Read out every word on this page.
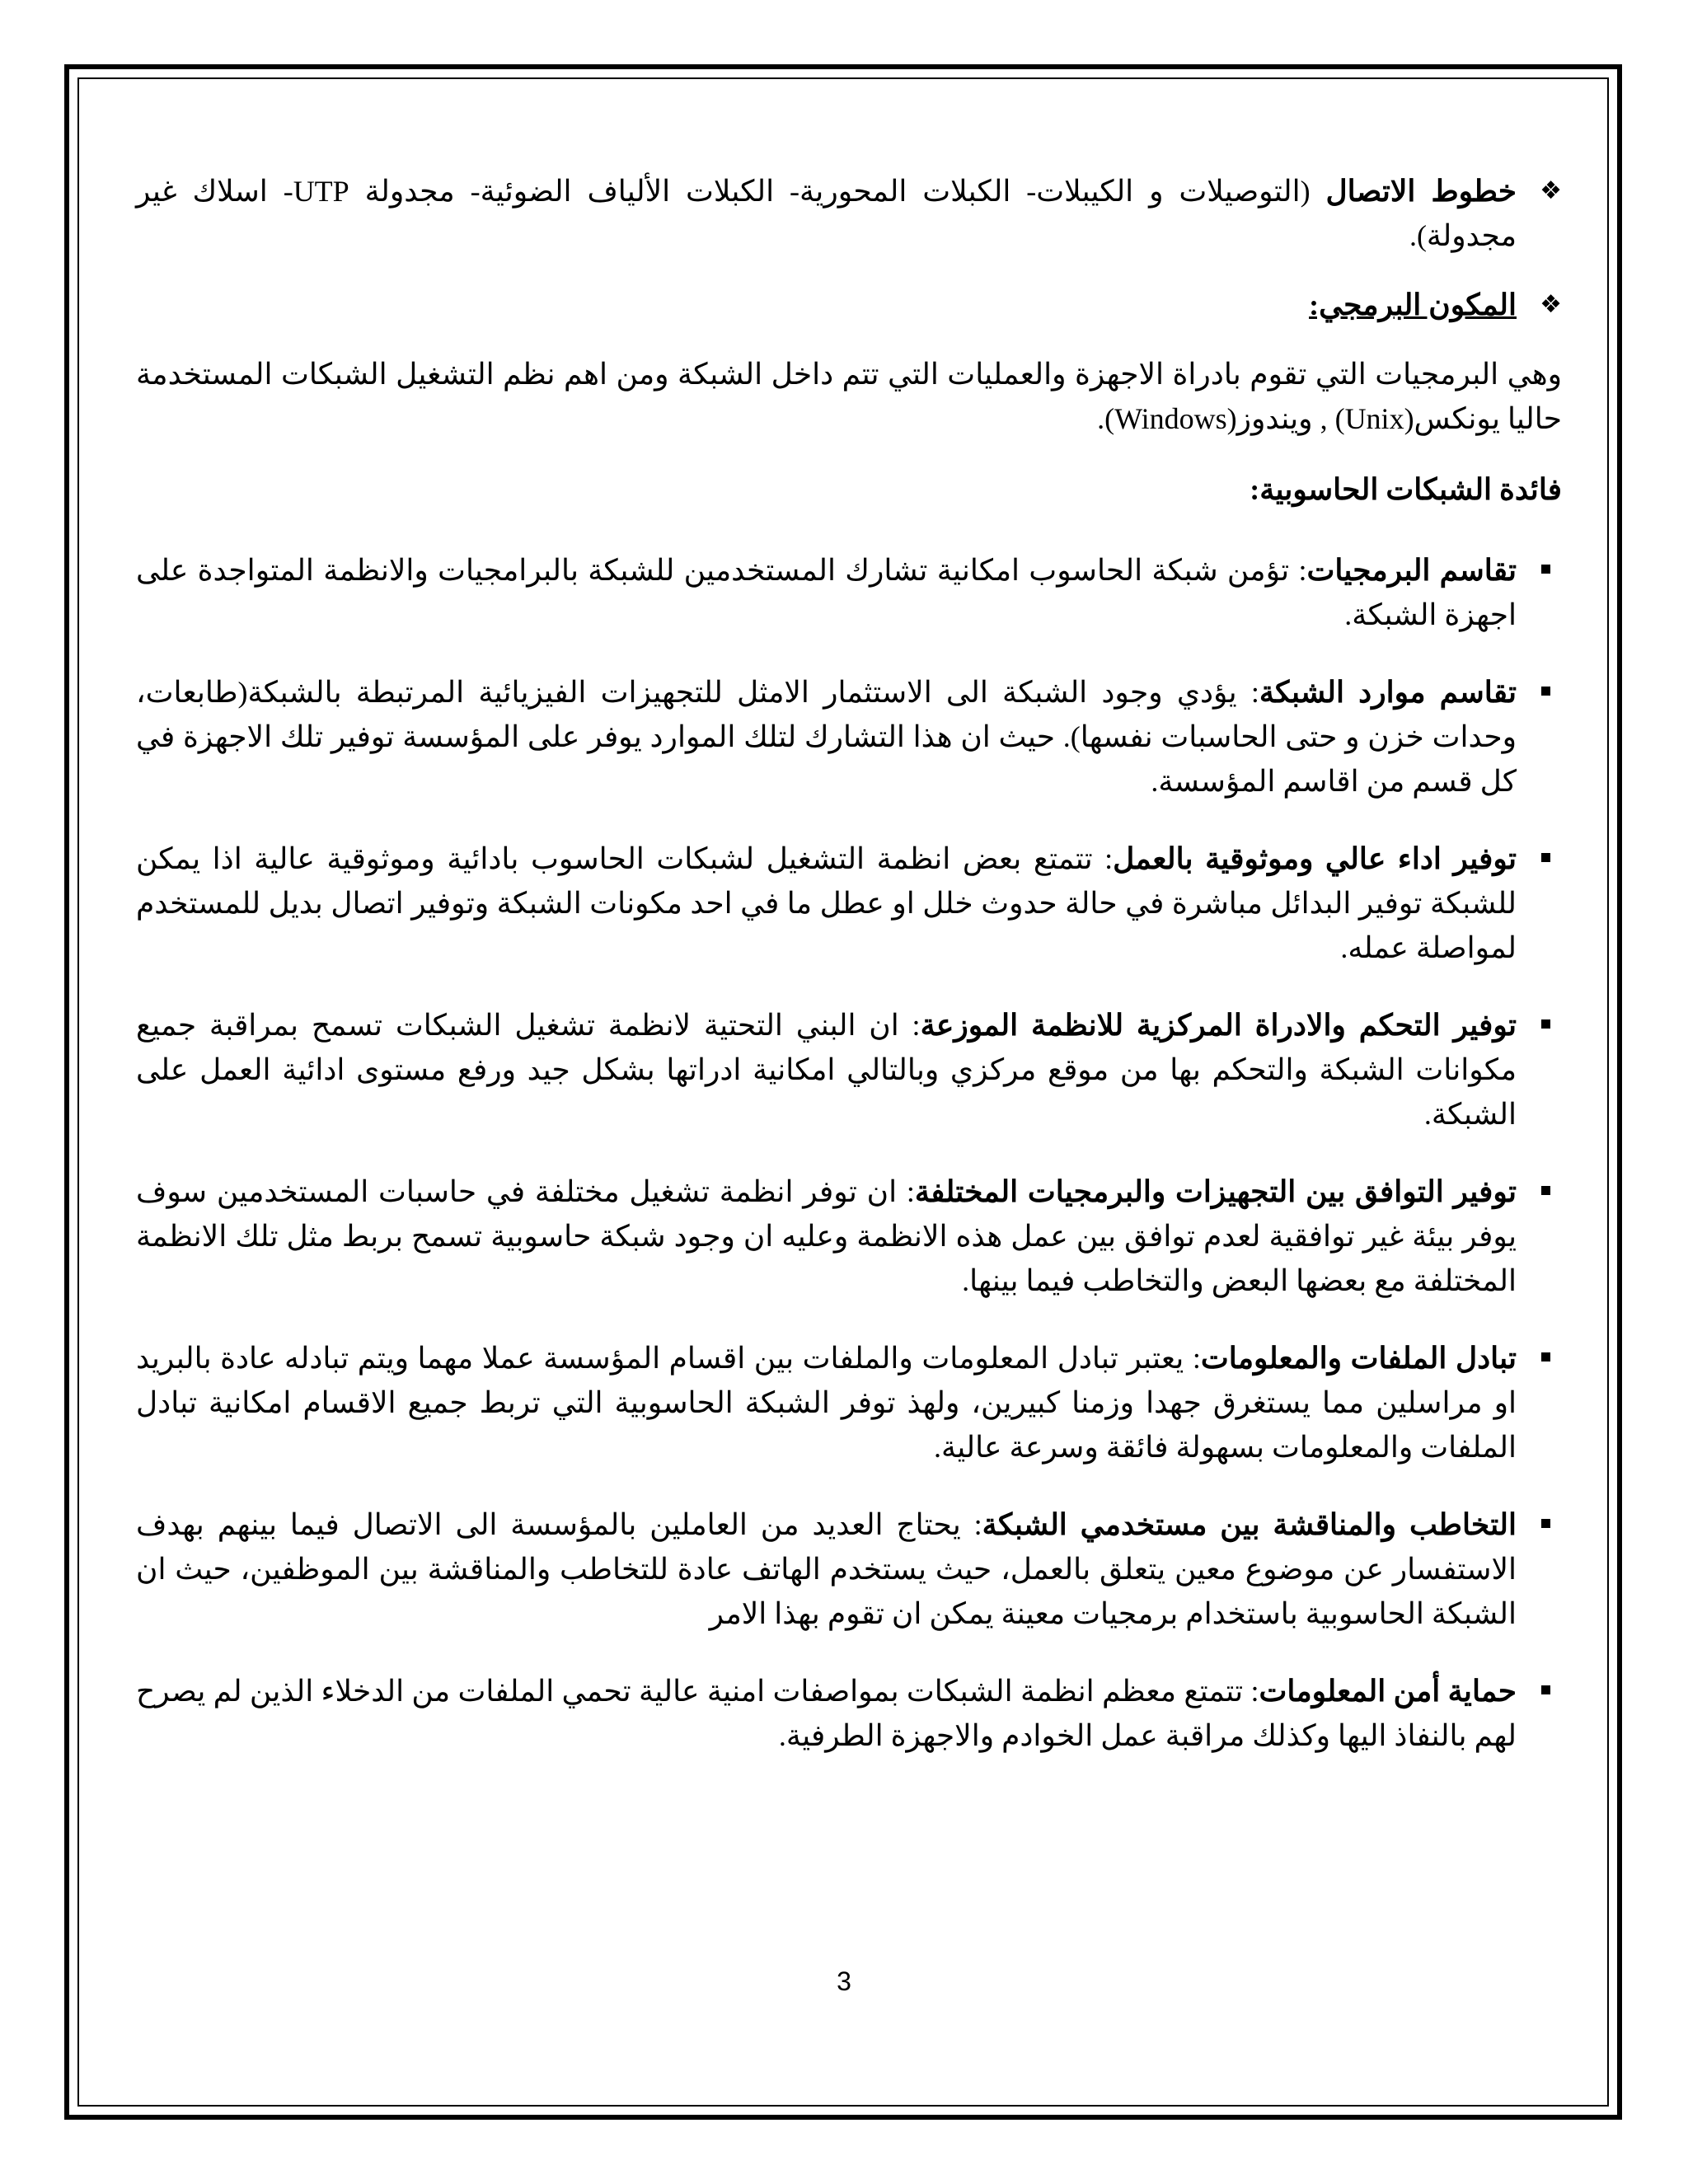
❖
خطوط الاتصال (التوصيلات و الكيبلات- الكبلات المحورية- الكبلات الألياف الضوئية- مجدولة UTP- اسلاك غير مجدولة).
❖
المكون البرمجي:

وهي البرمجيات التي تقوم بادراة الاجهزة والعمليات التي تتم داخل الشبكة ومن اهم نظم التشغيل الشبكات المستخدمة حاليا يونكس(Unix) , ويندوز(Windows).

فائدة الشبكات الحاسوبية:

تقاسم البرمجيات: تؤمن شبكة الحاسوب امكانية تشارك المستخدمين للشبكة بالبرامجيات والانظمة المتواجدة على اجهزة الشبكة.
تقاسم موارد الشبكة: يؤدي وجود الشبكة الى الاستثمار الامثل للتجهيزات الفيزيائية المرتبطة بالشبكة(طابعات، وحدات خزن و حتى الحاسبات نفسها). حيث ان هذا التشارك لتلك الموارد يوفر على المؤسسة توفير تلك الاجهزة في كل قسم من اقاسم المؤسسة.
توفير اداء عالي وموثوقية بالعمل: تتمتع بعض انظمة التشغيل لشبكات الحاسوب بادائية وموثوقية عالية اذا يمكن للشبكة توفير البدائل مباشرة في حالة حدوث خلل او عطل ما في احد مكونات الشبكة وتوفير اتصال بديل للمستخدم لمواصلة عمله.
توفير التحكم والادراة المركزية للانظمة الموزعة: ان البني التحتية لانظمة تشغيل الشبكات تسمح بمراقبة جميع مكوانات الشبكة والتحكم بها من موقع مركزي وبالتالي امكانية ادراتها بشكل جيد ورفع مستوى ادائية العمل على الشبكة.
توفير التوافق بين التجهيزات والبرمجيات المختلفة: ان توفر انظمة تشغيل مختلفة في حاسبات المستخدمين سوف يوفر بيئة غير توافقية لعدم توافق بين عمل هذه الانظمة وعليه ان وجود شبكة حاسوبية تسمح بربط مثل تلك الانظمة المختلفة مع بعضها البعض والتخاطب فيما بينها.
تبادل الملفات والمعلومات: يعتبر تبادل المعلومات والملفات بين اقسام المؤسسة عملا مهما ويتم تبادله عادة بالبريد او مراسلين مما يستغرق جهدا وزمنا كبيرين، ولهذ توفر الشبكة الحاسوبية التي تربط جميع الاقسام امكانية تبادل الملفات والمعلومات بسهولة فائقة وسرعة عالية.
التخاطب والمناقشة بين مستخدمي الشبكة: يحتاج العديد من العاملين بالمؤسسة الى الاتصال فيما بينهم بهدف الاستفسار عن موضوع معين يتعلق بالعمل، حيث يستخدم الهاتف عادة للتخاطب والمناقشة بين الموظفين، حيث ان الشبكة الحاسوبية باستخدام برمجيات معينة يمكن ان تقوم بهذا الامر
حماية أمن المعلومات: تتمتع معظم انظمة الشبكات بمواصفات امنية عالية تحمي الملفات من الدخلاء الذين لم يصرح لهم بالنفاذ اليها وكذلك مراقبة عمل الخوادم والاجهزة الطرفية.
3
